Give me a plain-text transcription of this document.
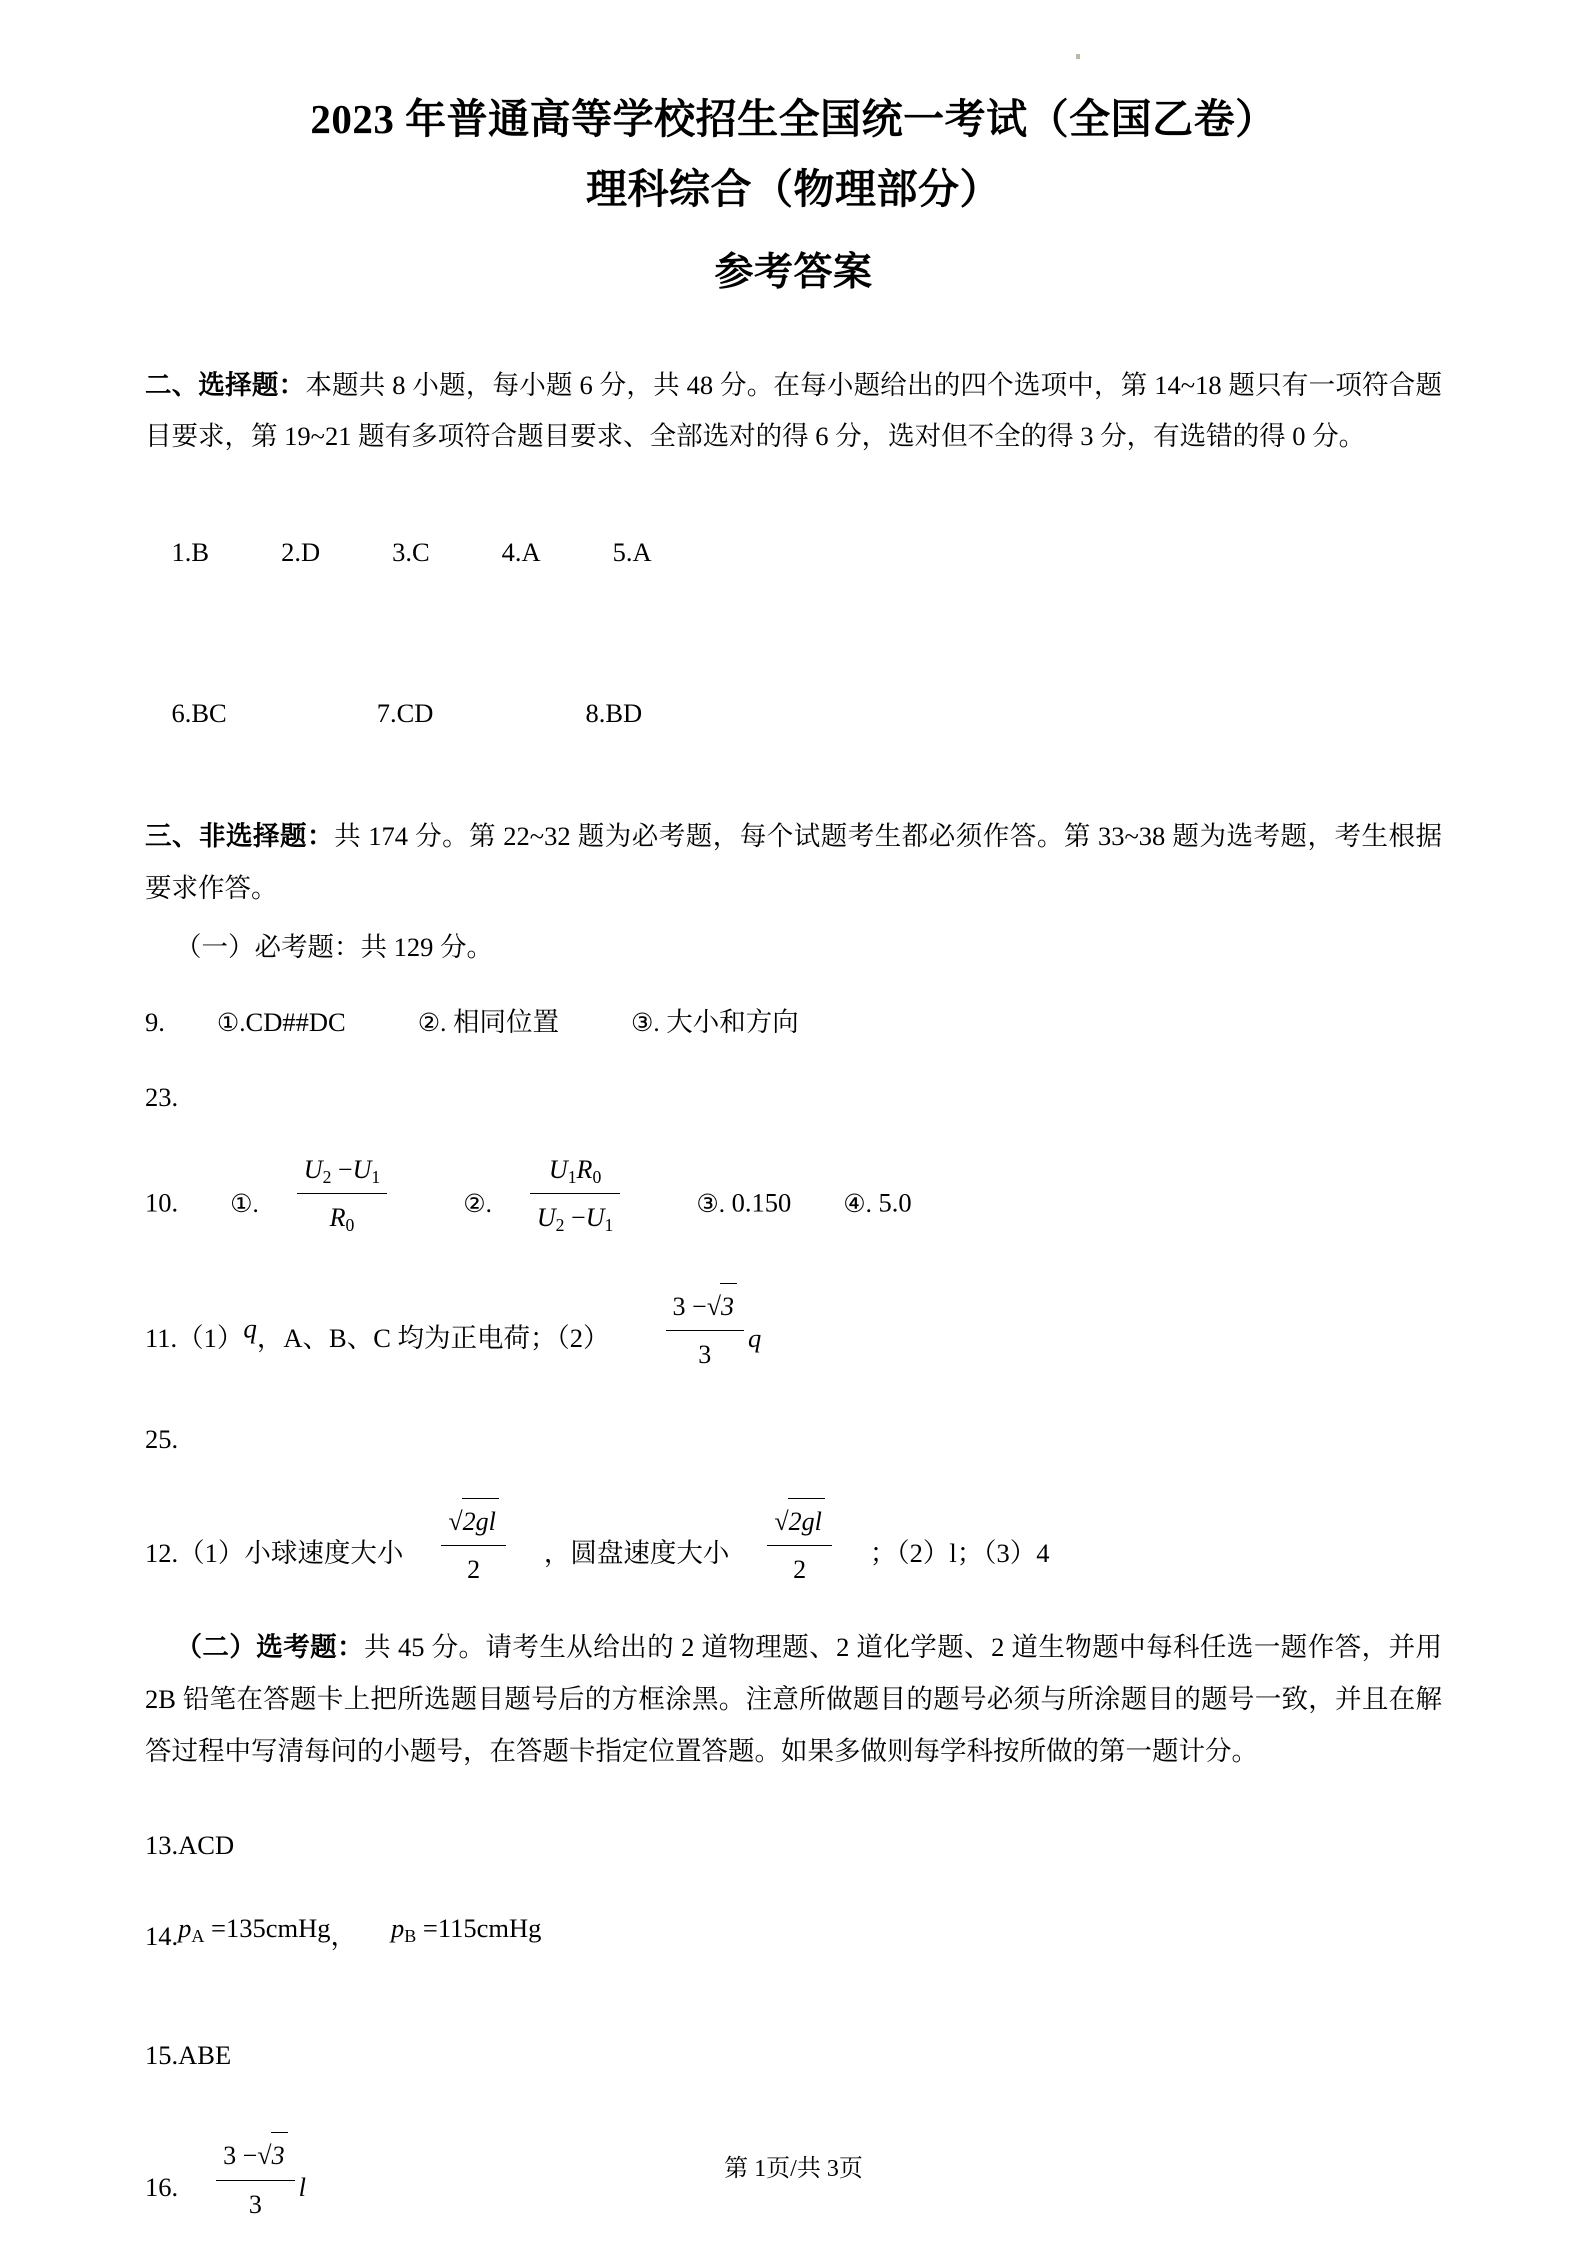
2023 年普通高等学校招生全国统一考试（全国乙卷）
理科综合（物理部分）
参考答案
二、选择题：本题共 8 小题，每小题 6 分，共 48 分。在每小题给出的四个选项中，第 14~18 题只有一项符合题目要求，第 19~21 题有多项符合题目要求、全部选对的得 6 分，选对但不全的得 3 分，有选错的得 0 分。

1.B	2.D	3.C	4.A	5.A

6.BC	7.CD	8.BD

三、非选择题：共 174 分。第 22~32 题为必考题，每个试题考生都必须作答。第 33~38 题为选考题，考生根据要求作答。
（一）必考题：共 129 分。
9. ①.CD##DC	②. 相同位置	③. 大小和方向
23.
10. ①. $\frac{U_2 -U_1}{R_0}$	②. $\frac{U_1R_0}{U_2 -U_1}$	③. 0.150 ④. 5.0
11.（1）q，A、B、C 均为正电荷；$(2) \frac{3 -√3}{3}$ q
25.
12.（1）小球速度大小 $\frac{√2gl}{2}$ ，圆盘速度大小 $\frac{√2gl}{2}$ ；（2）l；（3）4
（二）选考题：共 45 分。请考生从给出的 2 道物理题、2 道化学题、2 道生物题中每科任选一题作答，并用 2B 铅笔在答题卡上把所选题目题号后的方框涂黑。注意所做题目的题号必须与所涂题目的题号一致，并且在解答过程中写清每问的小题号，在答题卡指定位置答题。如果多做则每学科按所做的第一题计分。
13.ACD
$14.p_A$ =135cmHg， $p_B$ =115cmHg
15.ABE
16. $\frac{3 -√3}{3}$ l
第 1页/共 3页
